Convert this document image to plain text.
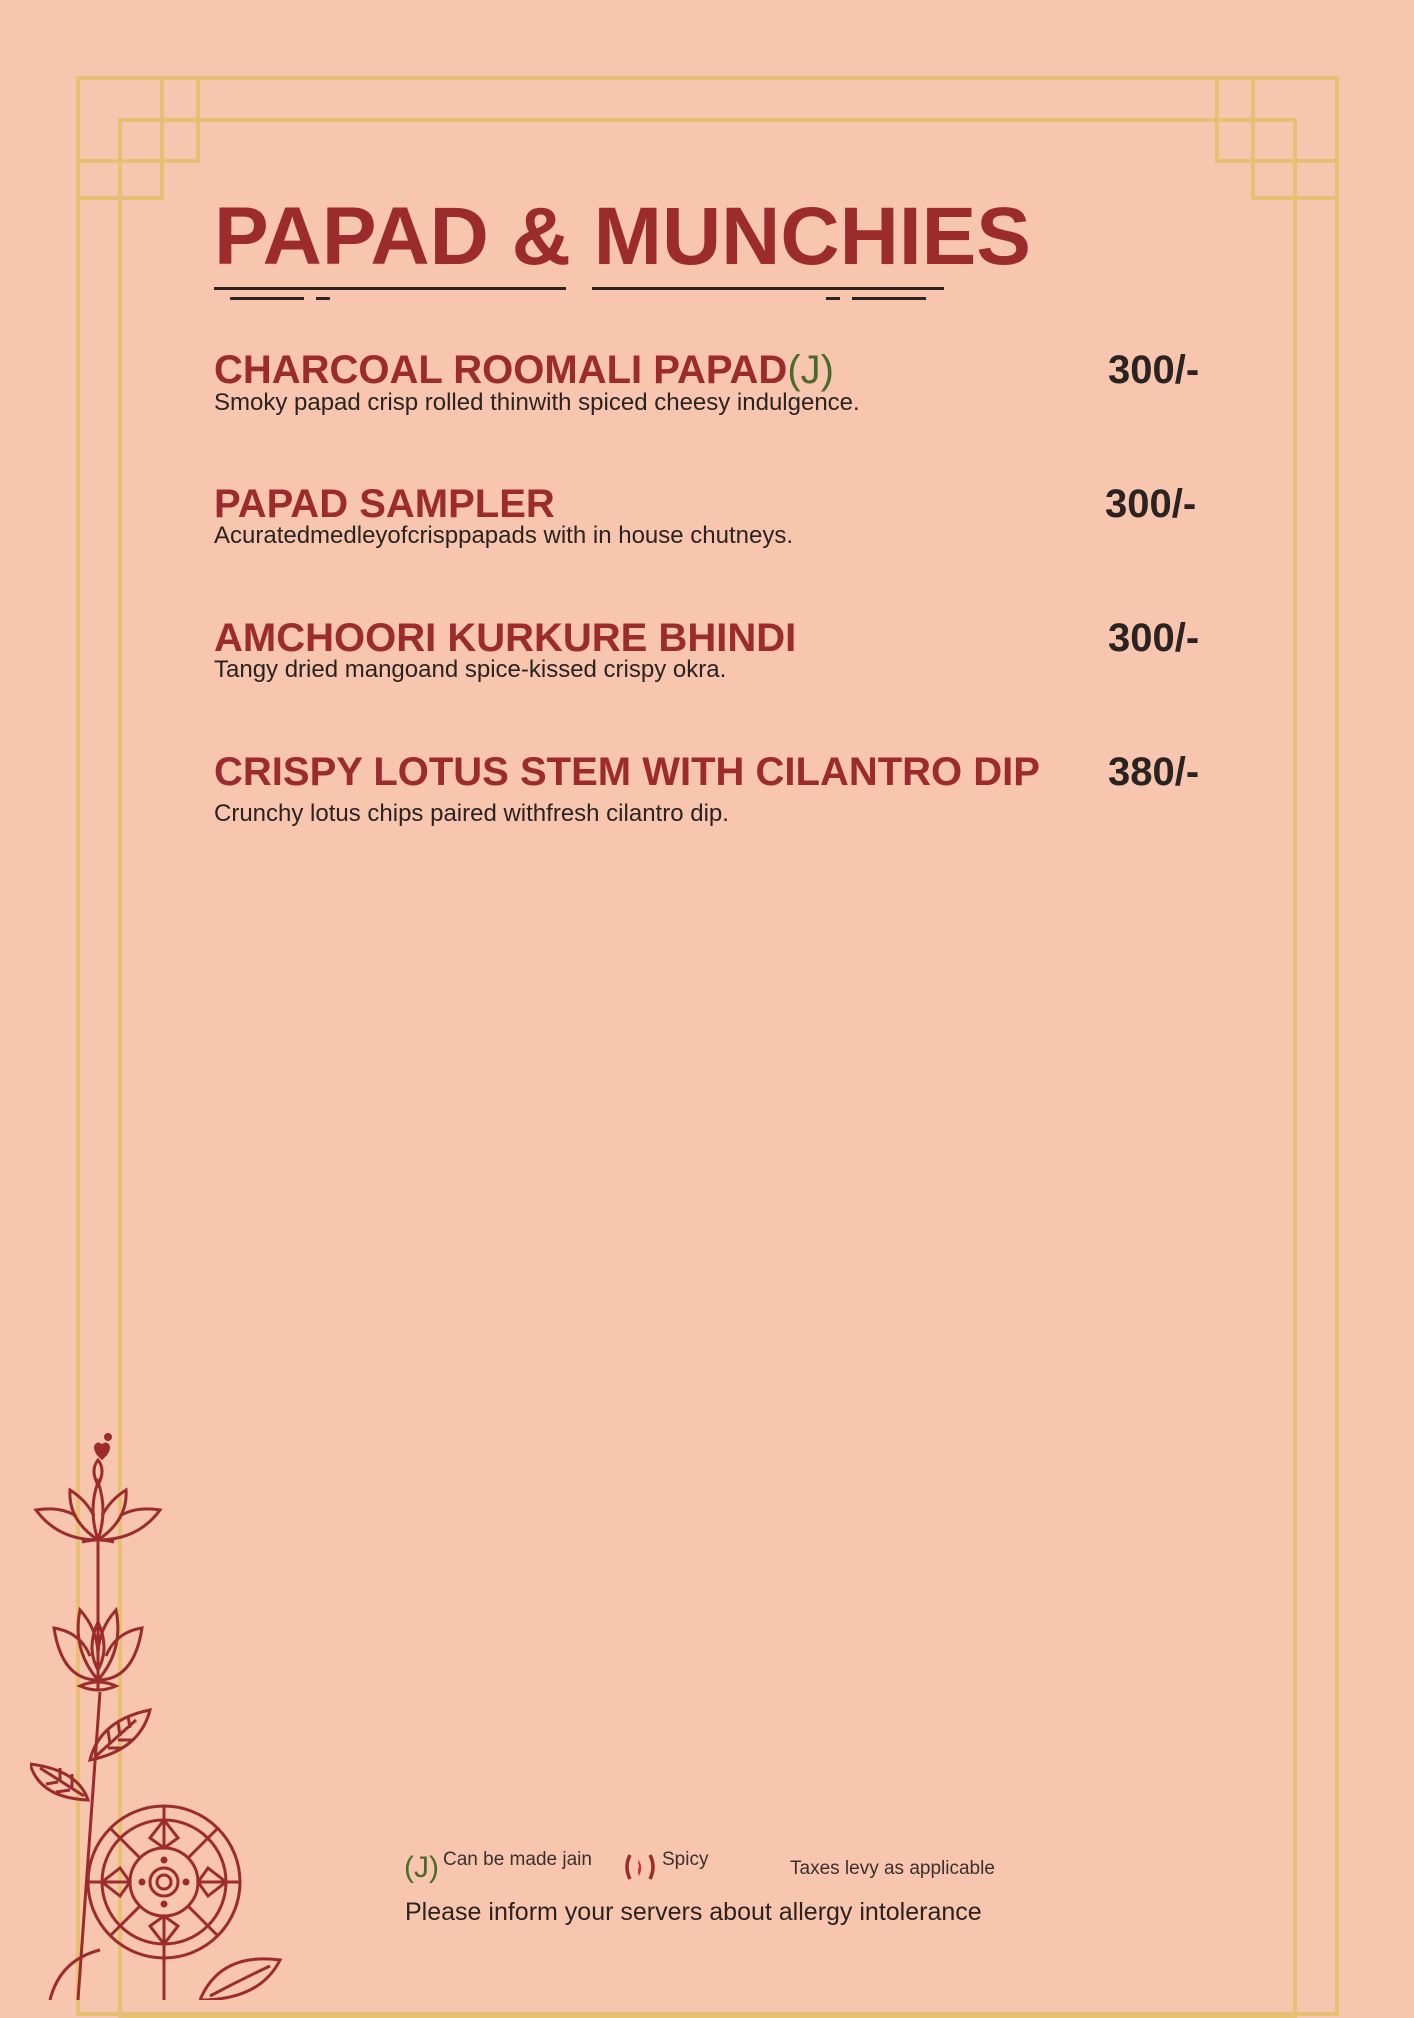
PAPAD & MUNCHIES
CHARCOAL ROOMALI PAPAD(J)	300/-
Smoky papad crisp rolled thinwith spiced cheesy indulgence.
PAPAD SAMPLER	300/-
Acuratedmedleyofcrisppapads with in house chutneys.
AMCHOORI KURKURE BHINDI	300/-
Tangy dried mangoand spice-kissed crispy okra.
CRISPY LOTUS STEM WITH CILANTRO DIP 380/-
Crunchy lotus chips paired withfresh cilantro dip.
(J) Can be made jain	Spicy	Taxes levy as applicable
Please inform your servers about allergy intolerance
